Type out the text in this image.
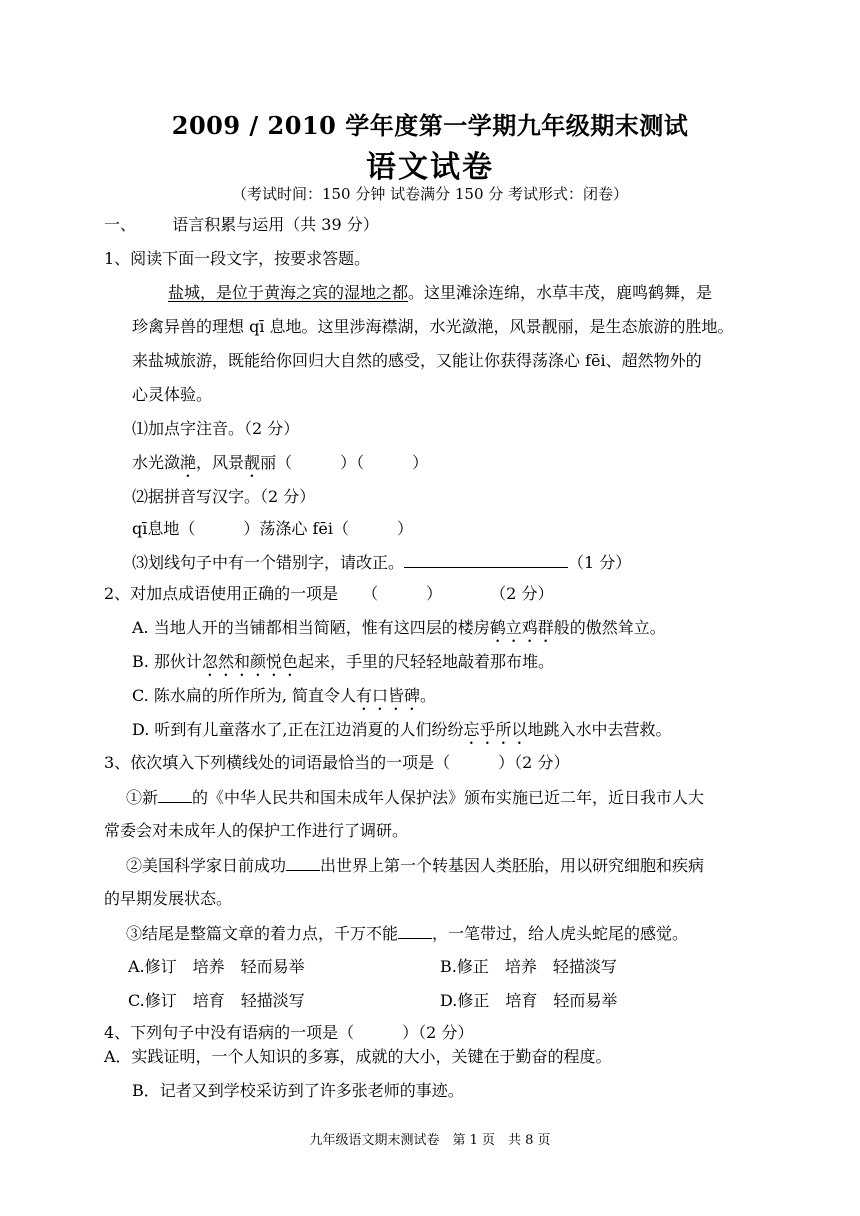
2009 / 2010 学年度第一学期九年级期末测试
语文试卷
（考试时间：150 分钟 试卷满分 150 分 考试形式：闭卷）
一、 语言积累与运用（共 39 分）
1、阅读下面一段文字，按要求答题。
盐城，是位于黄海之宾的湿地之都。这里滩涂连绵，水草丰茂，鹿鸣鹤舞，是
珍禽异兽的理想 qī 息地。这里涉海襟湖，水光潋滟，风景靓丽，是生态旅游的胜地。
来盐城旅游，既能给你回归大自然的感受，又能让你获得荡涤心 fēi、超然物外的
心灵体验。
⑴加点字注音。（2 分）
水光潋滟，风景靓丽（　　　）（　　　）
⑵据拼音写汉字。（2 分）
qī息地（　　　）荡涤心 fēi（　　　）
⑶划线句子中有一个错别字，请改正。	（1 分）
2、对加点成语使用正确的一项是　　（　　　）　　　　（2 分）
A. 当地人开的当铺都相当简陋，惟有这四层的楼房鹤立鸡群般的傲然耸立。
B. 那伙计忽然和颜悦色起来，手里的尺轻轻地敲着那布堆。
C. 陈水扁的所作所为, 简直令人有口皆碑。
D. 听到有儿童落水了,正在江边消夏的人们纷纷忘乎所以地跳入水中去营救。
3、依次填入下列横线处的词语最恰当的一项是（　　　）（2 分）
①新 的《中华人民共和国未成年人保护法》颁布实施已近二年，近日我市人大
常委会对未成年人的保护工作进行了调研。
②美国科学家日前成功 出世界上第一个转基因人类胚胎，用以研究细胞和疾病
的早期发展状态。
③结尾是整篇文章的着力点，千万不能 ，一笔带过，给人虎头蛇尾的感觉。
A.修订　培养　轻而易举	B.修正　培养　轻描淡写
C.修订　培育　轻描淡写	D.修正　培育　轻而易举
4、下列句子中没有语病的一项是（　　　）（2 分）
A．实践证明，一个人知识的多寡，成就的大小，关键在于勤奋的程度。
B．记者又到学校采访到了许多张老师的事迹。
九年级语文期末测试卷　第 1 页　共 8 页
